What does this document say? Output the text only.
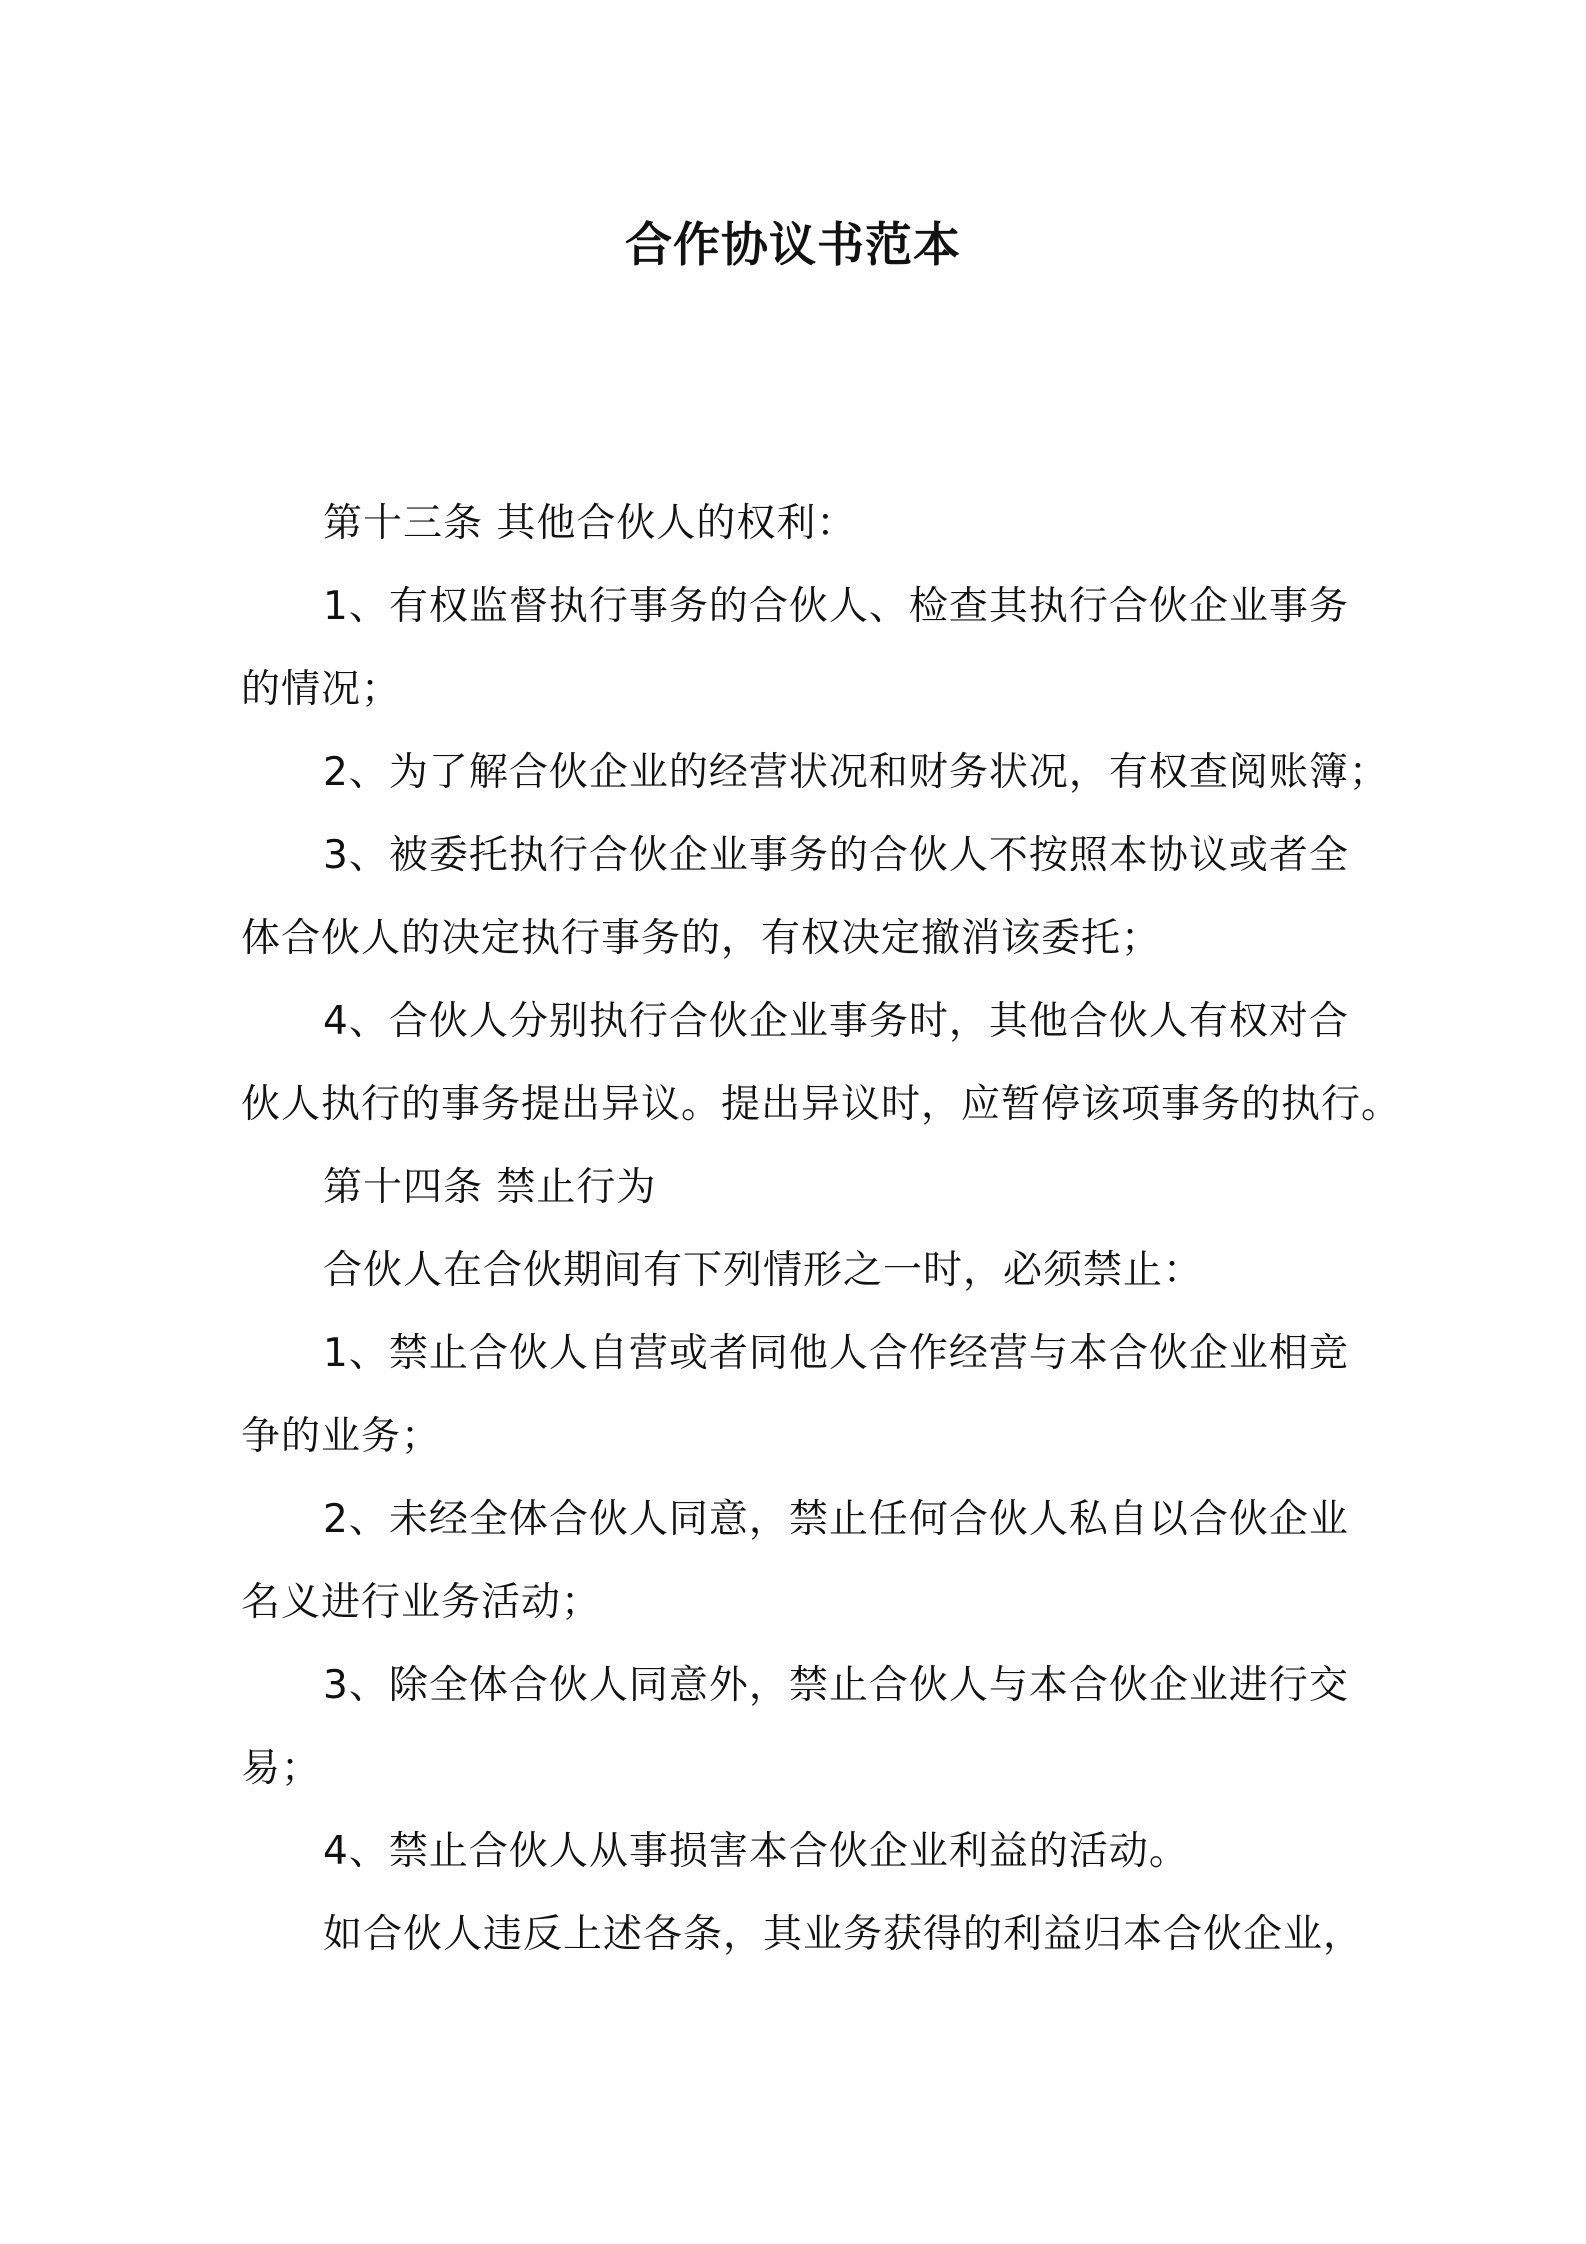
合作协议书范本
第十三条 其他合伙人的权利：
1、有权监督执行事务的合伙人、检查其执行合伙企业事务
的情况；
2、为了解合伙企业的经营状况和财务状况，有权查阅账簿；
3、被委托执行合伙企业事务的合伙人不按照本协议或者全
体合伙人的决定执行事务的，有权决定撤消该委托；
4、合伙人分别执行合伙企业事务时，其他合伙人有权对合
伙人执行的事务提出异议。提出异议时，应暂停该项事务的执行。
第十四条 禁止行为
合伙人在合伙期间有下列情形之一时，必须禁止：
1、禁止合伙人自营或者同他人合作经营与本合伙企业相竞
争的业务；
2、未经全体合伙人同意，禁止任何合伙人私自以合伙企业
名义进行业务活动；
3、除全体合伙人同意外，禁止合伙人与本合伙企业进行交
易；
4、禁止合伙人从事损害本合伙企业利益的活动。
如合伙人违反上述各条，其业务获得的利益归本合伙企业，
